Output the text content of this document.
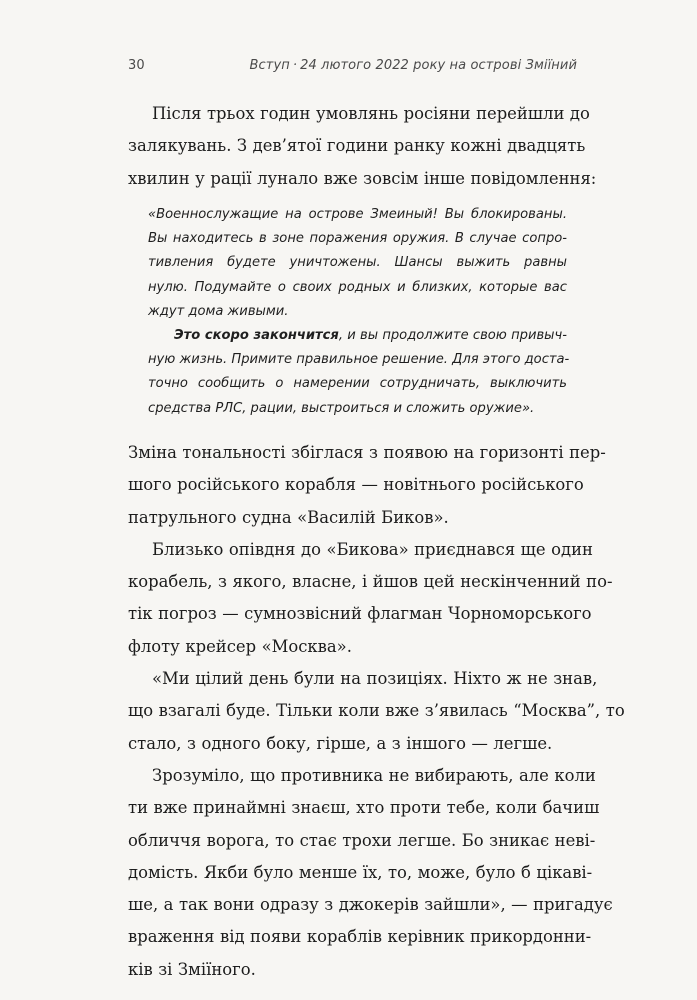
30	Вступ · 24 лютого 2022 року на острові Зміїний
Після трьох годин умовлянь росіяни перейшли до
залякувань. З дев’ятої години ранку кожні двадцять
хвилин у рації лунало вже зовсім інше повідомлення:
«Военнослужащие на острове Змеиный! Вы блокированы.
Вы находитесь в зоне поражения оружия. В случае сопро-
тивления будете уничтожены. Шансы выжить равны
нулю. Подумайте о своих родных и близких, которые вас
ждут дома живыми.
Это скоро закончится, и вы продолжите свою привыч-
ную жизнь. Примите правильное решение. Для этого доста-
точно сообщить о намерении сотрудничать, выключить
средства РЛС, рации, выстроиться и сложить оружие».
Зміна тональності збіглася з появою на горизонті пер-
шого російського корабля — новітнього російського
патрульного судна «Василій Биков».
Близько опівдня до «Бикова» приєднався ще один
корабель, з якого, власне, і йшов цей нескінченний по-
тік погроз — сумнозвісний флагман Чорноморського
флоту крейсер «Москва».
«Ми цілий день були на позиціях. Ніхто ж не знав,
що взагалі буде. Тільки коли вже з’явилась “Москва”, то
стало, з одного боку, гірше, а з іншого — легше.
Зрозуміло, що противника не вибирають, але коли
ти вже принаймні знаєш, хто проти тебе, коли бачиш
обличчя ворога, то стає трохи легше. Бо зникає неві-
домість. Якби було менше їх, то, може, було б цікаві-
ше, а так вони одразу з джокерів зайшли», — пригадує
враження від появи кораблів керівник прикордонни-
ків зі Зміїного.
